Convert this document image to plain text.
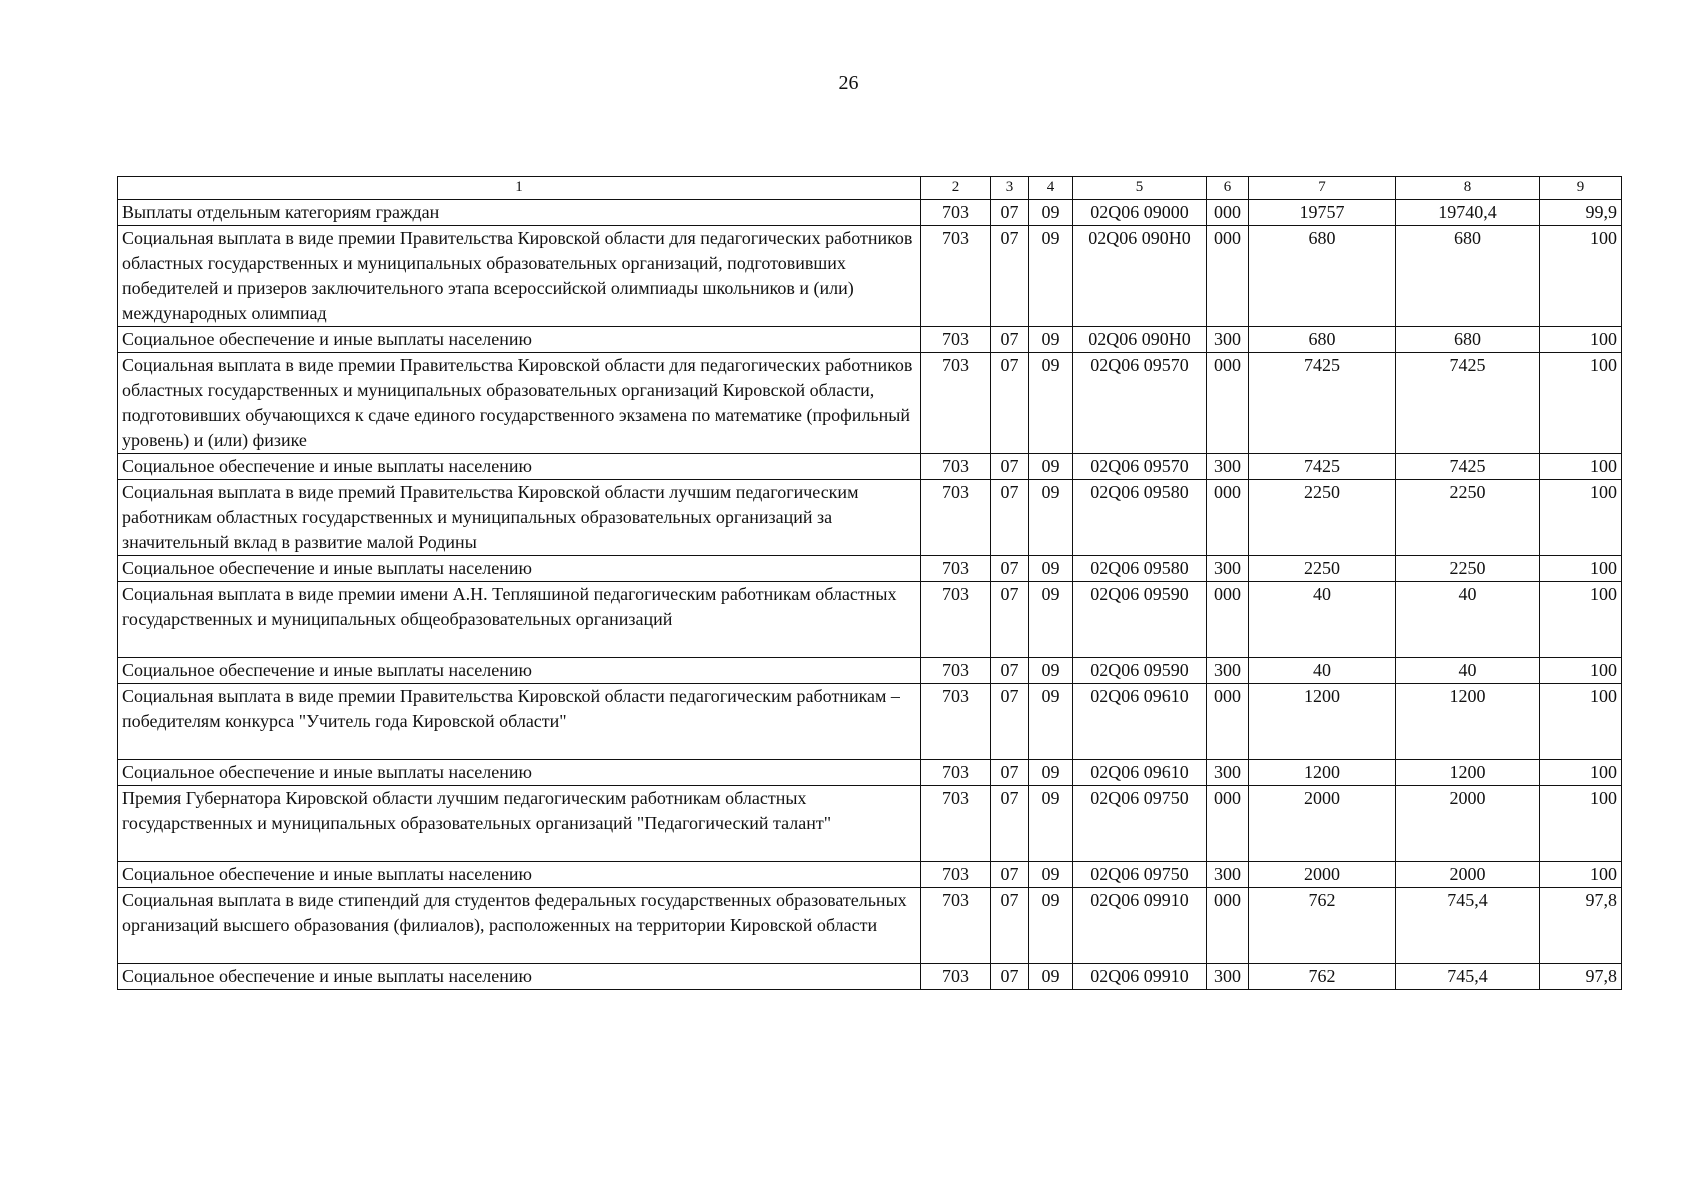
26
1	2	3	4	5	6	7	8	9
Выплаты отдельным категориям граждан	703	07	09	02Q06 09000	000	19757	19740,4	99,9
Социальная выплата в виде премии Правительства Кировской области для педагогических работников областных государственных и муниципальных образовательных организаций, подготовивших победителей и призеров заключительного этапа всероссийской олимпиады школьников и (или) международных олимпиад	703	07	09	02Q06 090H0	000	680	680	100
Социальное обеспечение и иные выплаты населению	703	07	09	02Q06 090H0	300	680	680	100
Социальная выплата в виде премии Правительства Кировской области для педагогических работников областных государственных и муниципальных образовательных организаций Кировской области, подготовивших обучающихся к сдаче единого государственного экзамена по математике (профильный уровень) и (или) физике	703	07	09	02Q06 09570	000	7425	7425	100
Социальное обеспечение и иные выплаты населению	703	07	09	02Q06 09570	300	7425	7425	100
Социальная выплата в виде премий Правительства Кировской области лучшим педагогическим работникам областных государственных и муниципальных образовательных организаций за значительный вклад в развитие малой Родины	703	07	09	02Q06 09580	000	2250	2250	100
Социальное обеспечение и иные выплаты населению	703	07	09	02Q06 09580	300	2250	2250	100
Социальная выплата в виде премии имени А.Н. Тепляшиной педагогическим работникам областных государственных и муниципальных общеобразовательных организаций	703	07	09	02Q06 09590	000	40	40	100
Социальное обеспечение и иные выплаты населению	703	07	09	02Q06 09590	300	40	40	100
Социальная выплата в виде премии Правительства Кировской области педагогическим работникам – победителям конкурса "Учитель года Кировской области"	703	07	09	02Q06 09610	000	1200	1200	100
Социальное обеспечение и иные выплаты населению	703	07	09	02Q06 09610	300	1200	1200	100
Премия Губернатора Кировской области лучшим педагогическим работникам областных государственных и муниципальных образовательных организаций "Педагогический талант"	703	07	09	02Q06 09750	000	2000	2000	100
Социальное обеспечение и иные выплаты населению	703	07	09	02Q06 09750	300	2000	2000	100
Социальная выплата в виде стипендий для студентов федеральных государственных образовательных организаций высшего образования (филиалов), расположенных на территории Кировской области	703	07	09	02Q06 09910	000	762	745,4	97,8
Социальное обеспечение и иные выплаты населению	703	07	09	02Q06 09910	300	762	745,4	97,8
